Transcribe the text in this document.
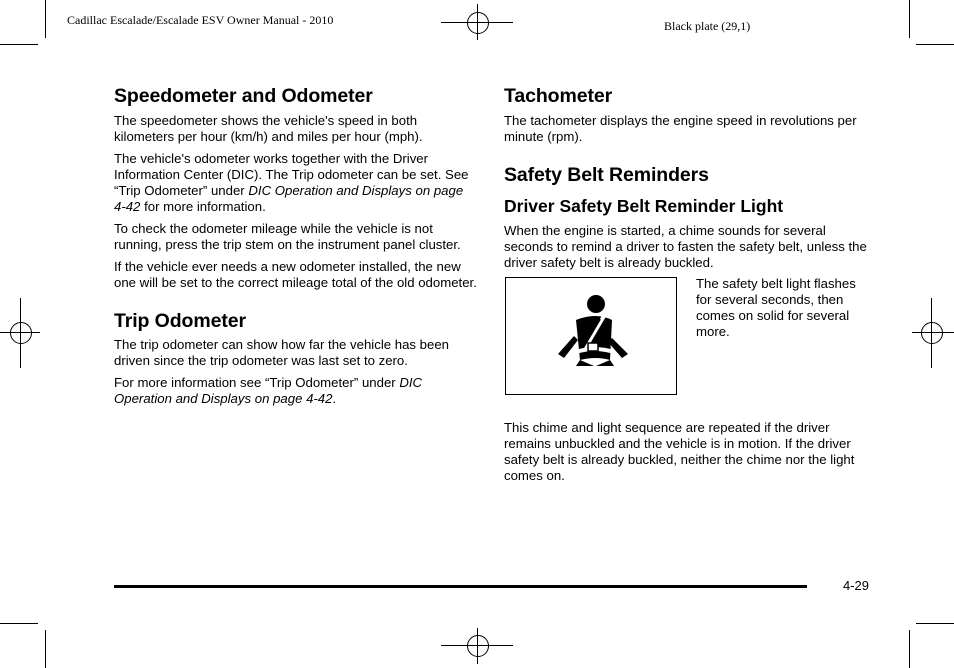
Cadillac Escalade/Escalade ESV Owner Manual - 2010	Black plate (29,1)
Speedometer and Odometer

The speedometer shows the vehicle's speed in both kilometers per hour (km/h) and miles per hour (mph).

The vehicle's odometer works together with the Driver Information Center (DIC). The Trip odometer can be set. See “Trip Odometer” under DIC Operation and Displays on page 4‑42 for more information.

To check the odometer mileage while the vehicle is not running, press the trip stem on the instrument panel cluster.

If the vehicle ever needs a new odometer installed, the new one will be set to the correct mileage total of the old odometer.

Trip Odometer

The trip odometer can show how far the vehicle has been driven since the trip odometer was last set to zero.

For more information see “Trip Odometer” under DIC Operation and Displays on page 4‑42.

Tachometer

The tachometer displays the engine speed in revolutions per minute (rpm).

Safety Belt Reminders
Driver Safety Belt Reminder Light

When the engine is started, a chime sounds for several seconds to remind a driver to fasten the safety belt, unless the driver safety belt is already buckled.

The safety belt light flashes for several seconds, then comes on solid for several more.

This chime and light sequence are repeated if the driver remains unbuckled and the vehicle is in motion. If the driver safety belt is already buckled, neither the chime nor the light comes on.

4-29
